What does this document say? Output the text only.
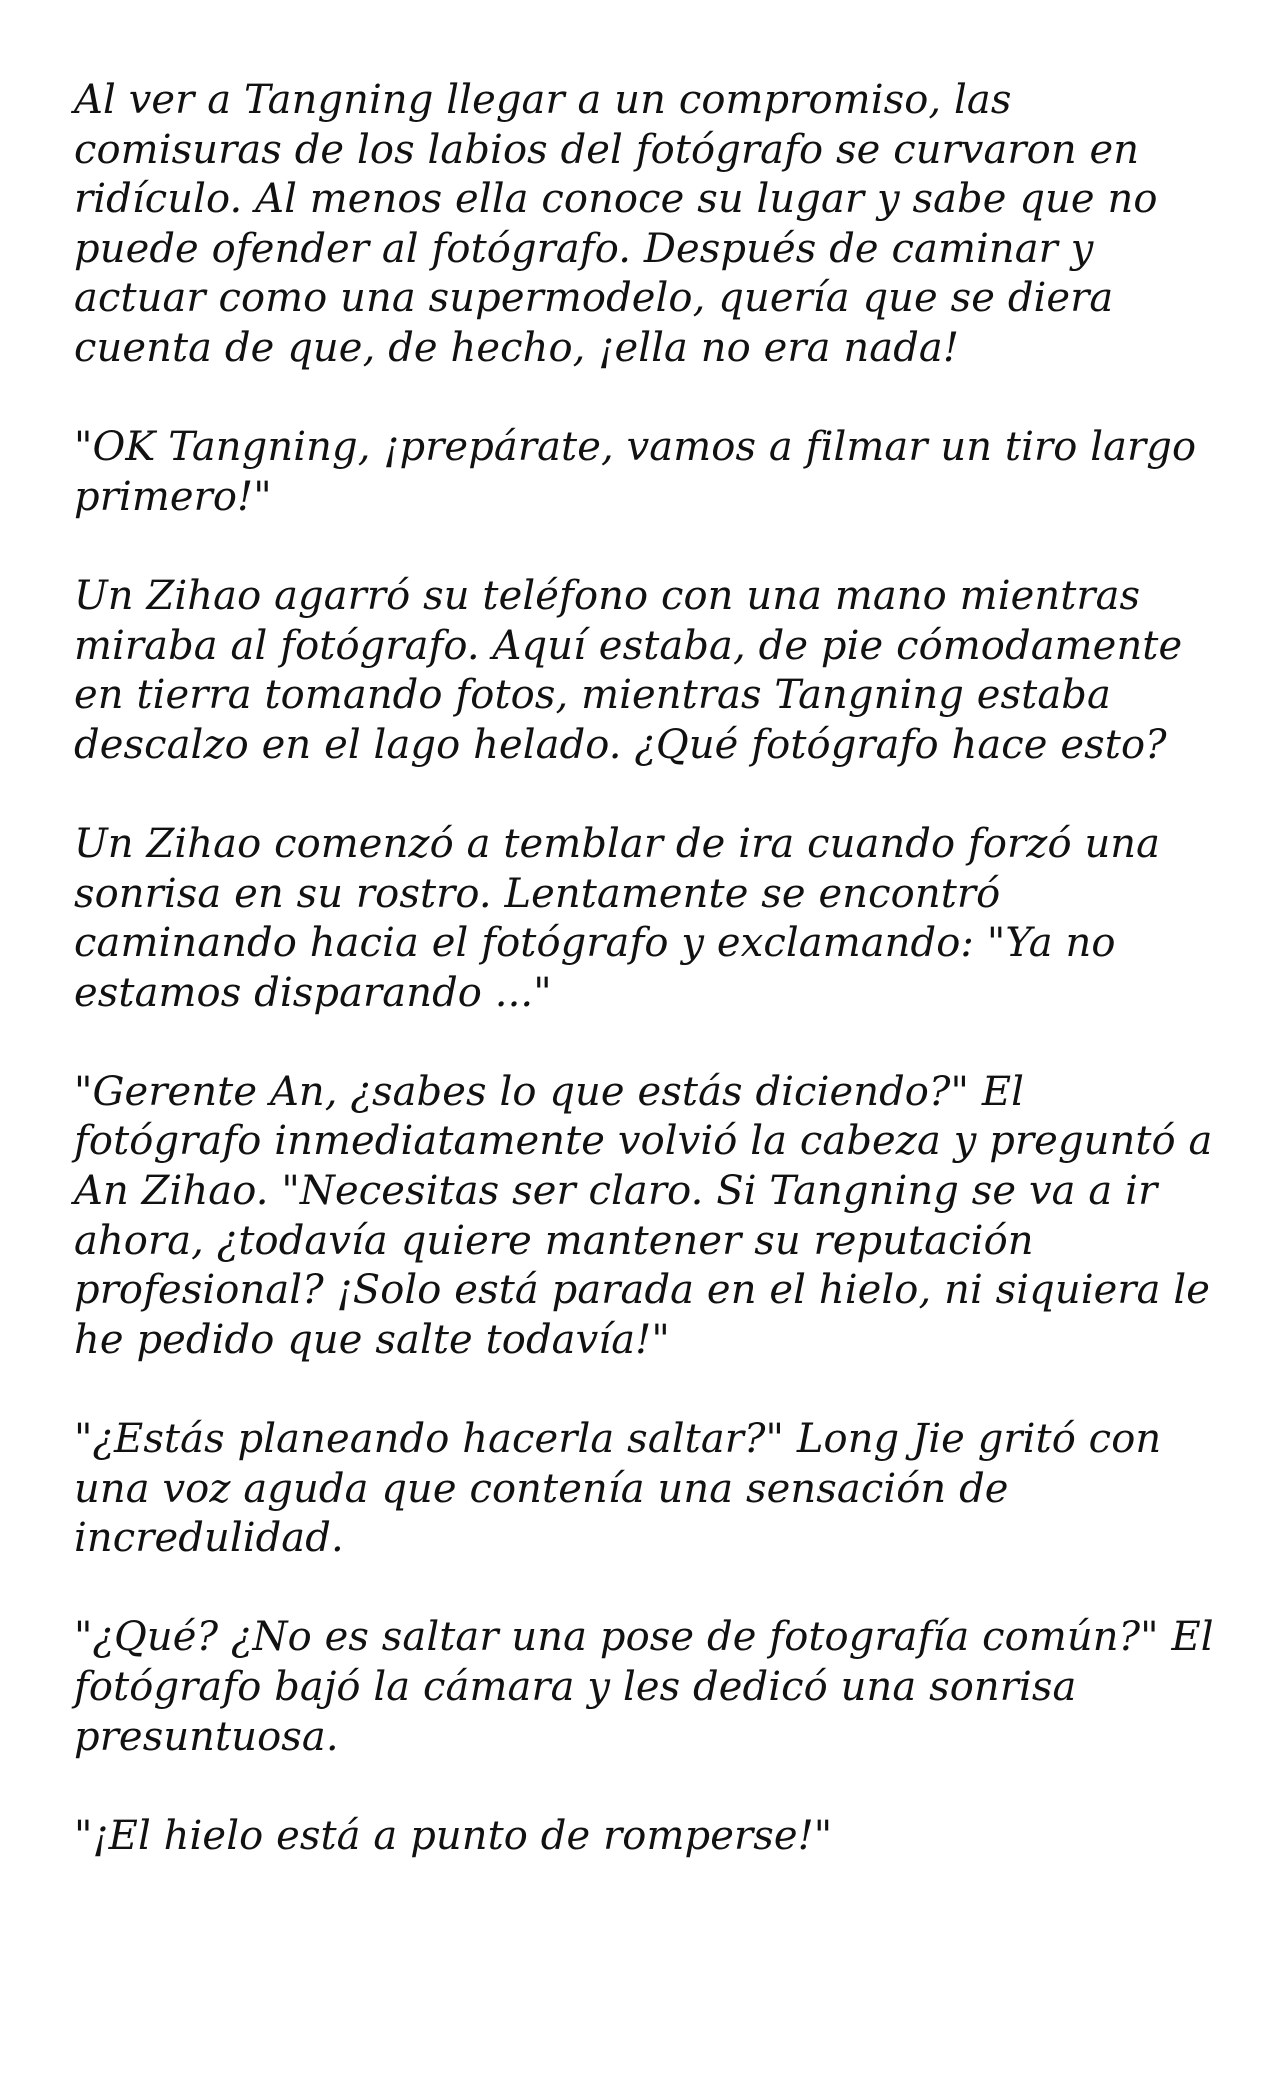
Al ver a Tangning llegar a un compromiso, las comisuras de los labios del fotógrafo se curvaron en ridículo. Al menos ella conoce su lugar y sabe que no puede ofender al fotógrafo. Después de caminar y actuar como una supermodelo, quería que se diera cuenta de que, de hecho, ¡ella no era nada!

"OK Tangning, ¡prepárate, vamos a filmar un tiro largo primero!"

Un Zihao agarró su teléfono con una mano mientras miraba al fotógrafo. Aquí estaba, de pie cómodamente en tierra tomando fotos, mientras Tangning estaba descalzo en el lago helado. ¿Qué fotógrafo hace esto?

Un Zihao comenzó a temblar de ira cuando forzó una sonrisa en su rostro. Lentamente se encontró caminando hacia el fotógrafo y exclamando: "Ya no estamos disparando ..."

"Gerente An, ¿sabes lo que estás diciendo?" El fotógrafo inmediatamente volvió la cabeza y preguntó a An Zihao. "Necesitas ser claro. Si Tangning se va a ir ahora, ¿todavía quiere mantener su reputación profesional? ¡Solo está parada en el hielo, ni siquiera le he pedido que salte todavía!"

"¿Estás planeando hacerla saltar?" Long Jie gritó con una voz aguda que contenía una sensación de incredulidad.

"¿Qué? ¿No es saltar una pose de fotografía común?" El fotógrafo bajó la cámara y les dedicó una sonrisa presuntuosa.

"¡El hielo está a punto de romperse!"
